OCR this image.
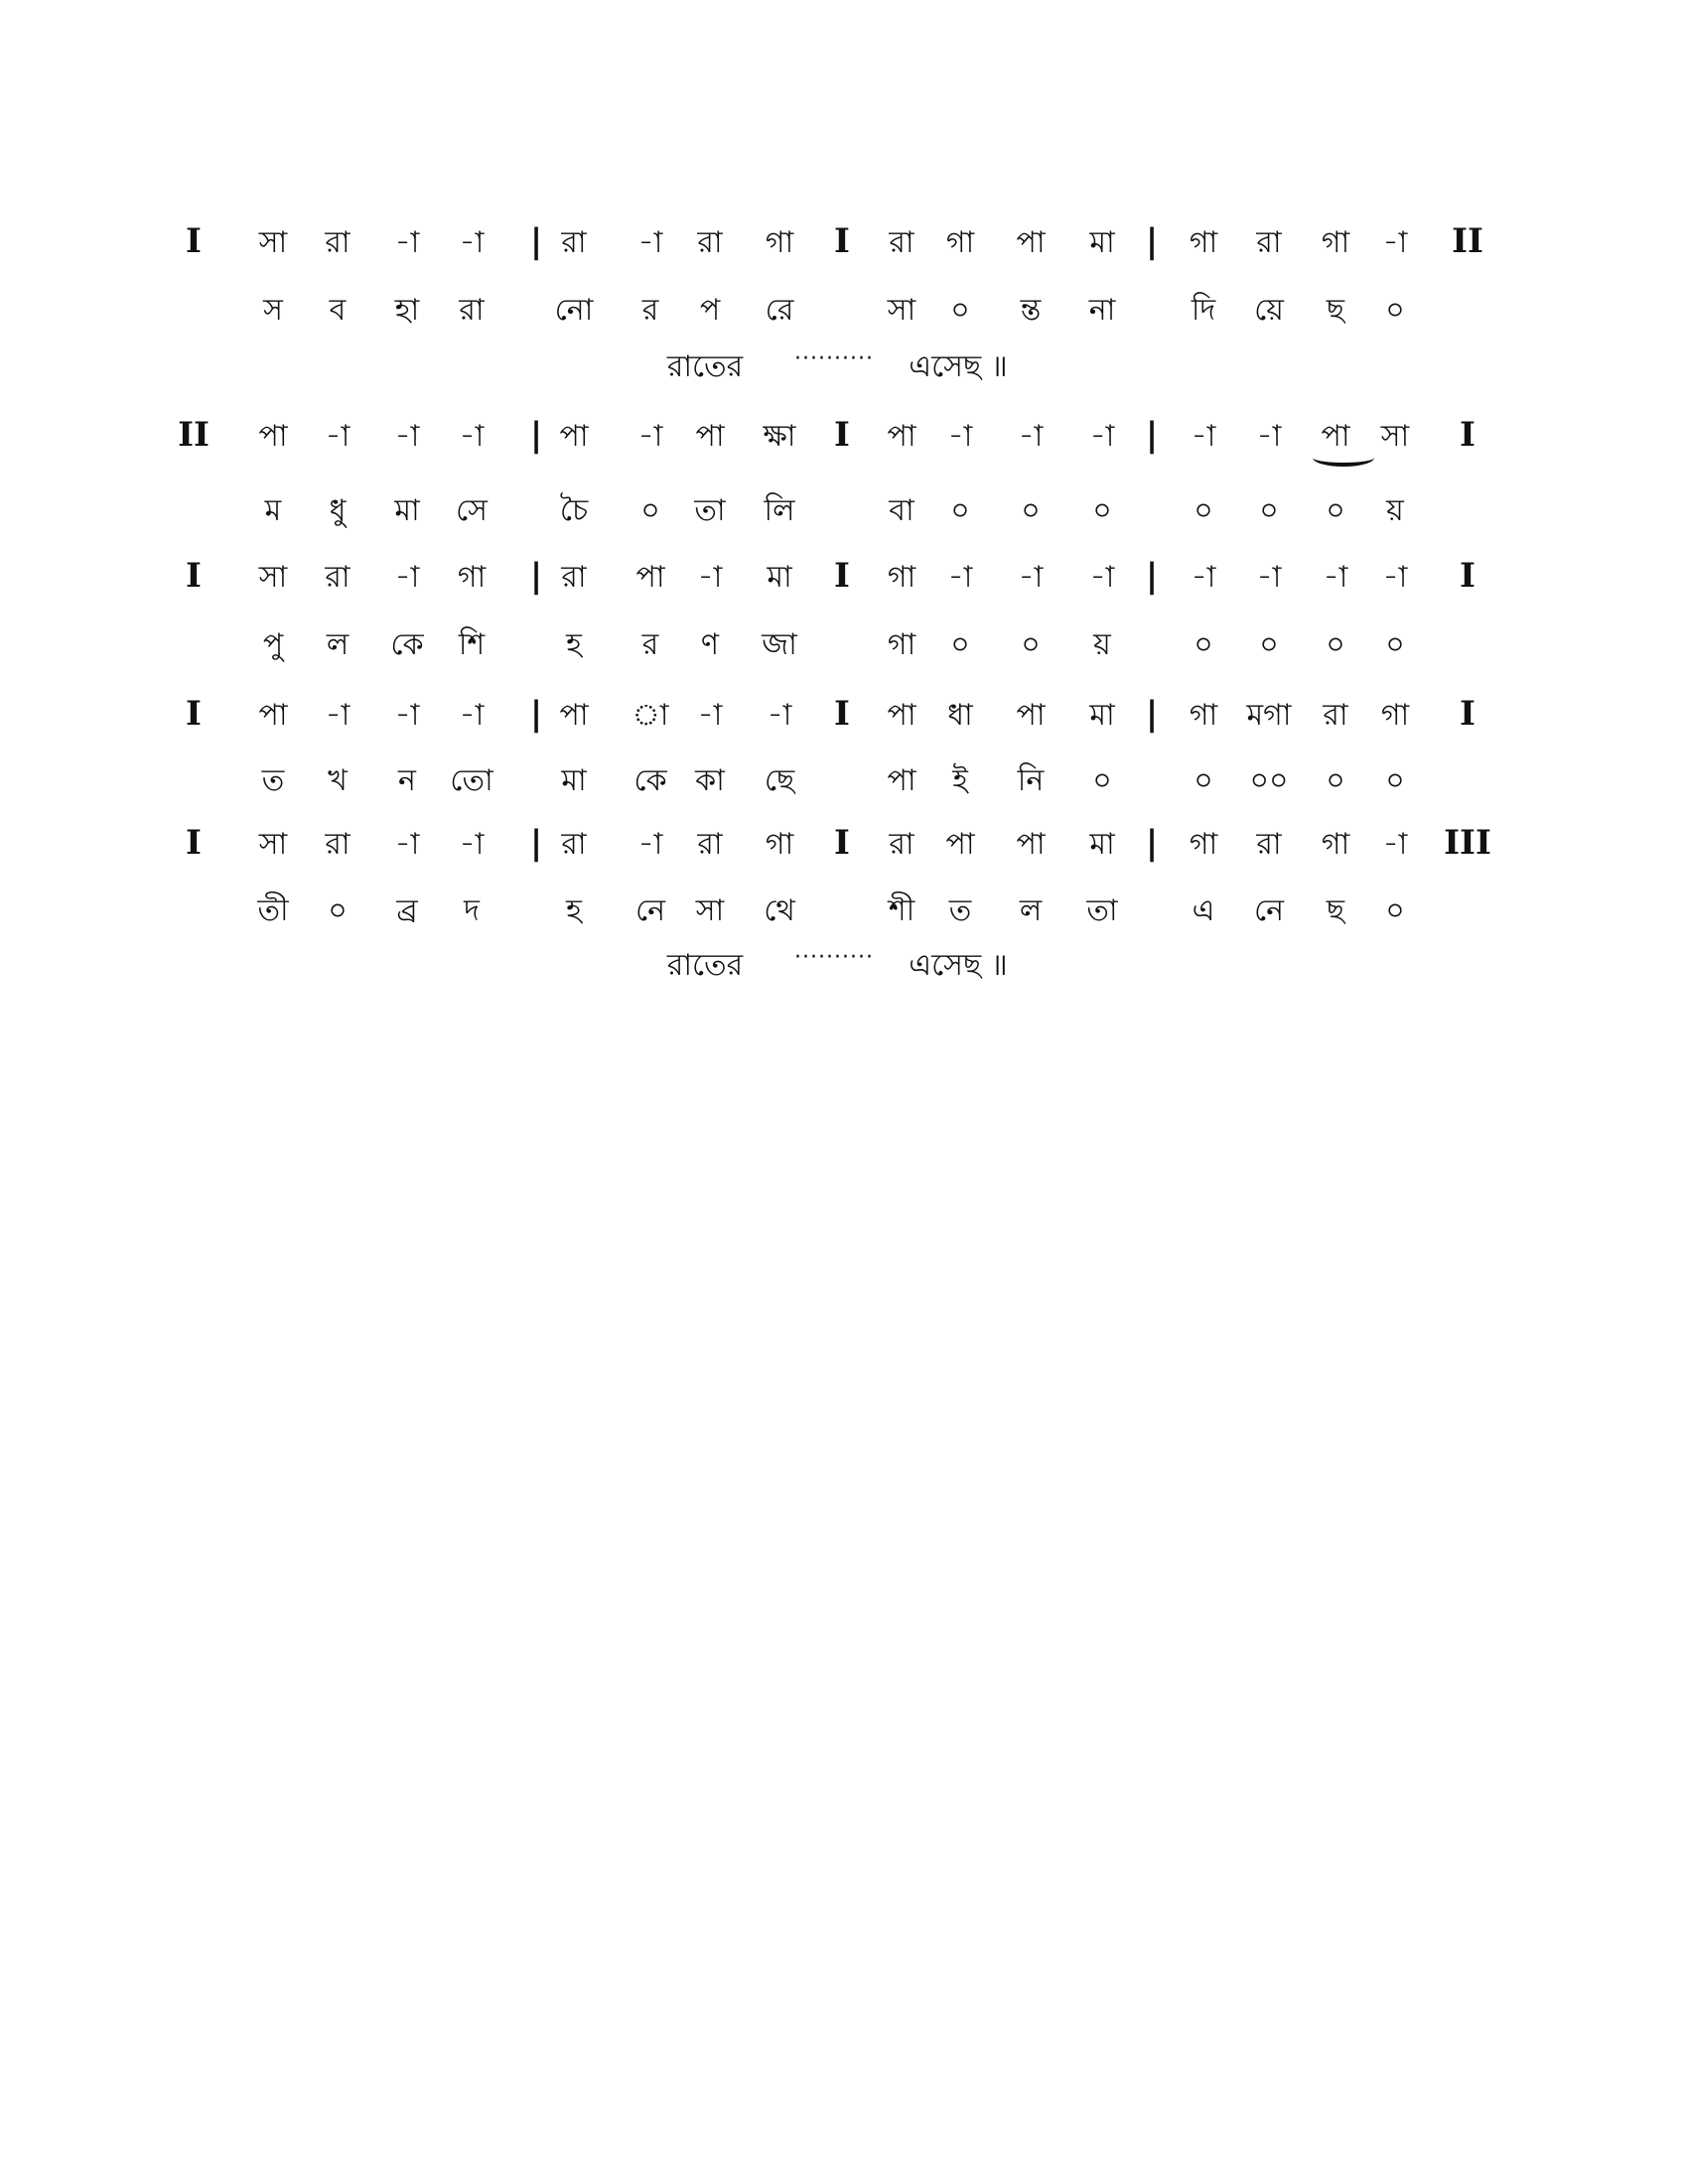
I সা রা -া -া | রা -া রা গা I রা গা পা মা | গা রা গা -া II
স ব হা রা নো র প রে	সা ০ ন্ত না	দি য়ে ছ ০
II পা -া -া -া | পা -া পা ক্ষা I পা -া -া -া | -া -া পা সা I
ম ধু মা সে চৈ ০ তা লি	বা ০ ০ ০	০ ০ ০ য়
I সা রা -া গা | রা পা -া মা I গা -া -া -া | -া -া -া -া I
পু ল কে শি	হ র ণ জা	গা ০ ০ য়	০ ০ ০ ০
I পা -া -া -া | পা া -া -া I পা ধা পা মা | গা মগা রা গা I
ত খ ন তো মা কে কা ছে	পা ই নি ০	০ ০০ ০ ০
I সা রা -া -া | রা -া রা গা I রা পা পা মা | গা রা গা -া III
তী ০ ব্র দ	হ নে সা থে	শী ত ল তা এ নে ছ ০
রাতের ·········· এসেছ ॥
রাতের ·········· এসেছ ॥
